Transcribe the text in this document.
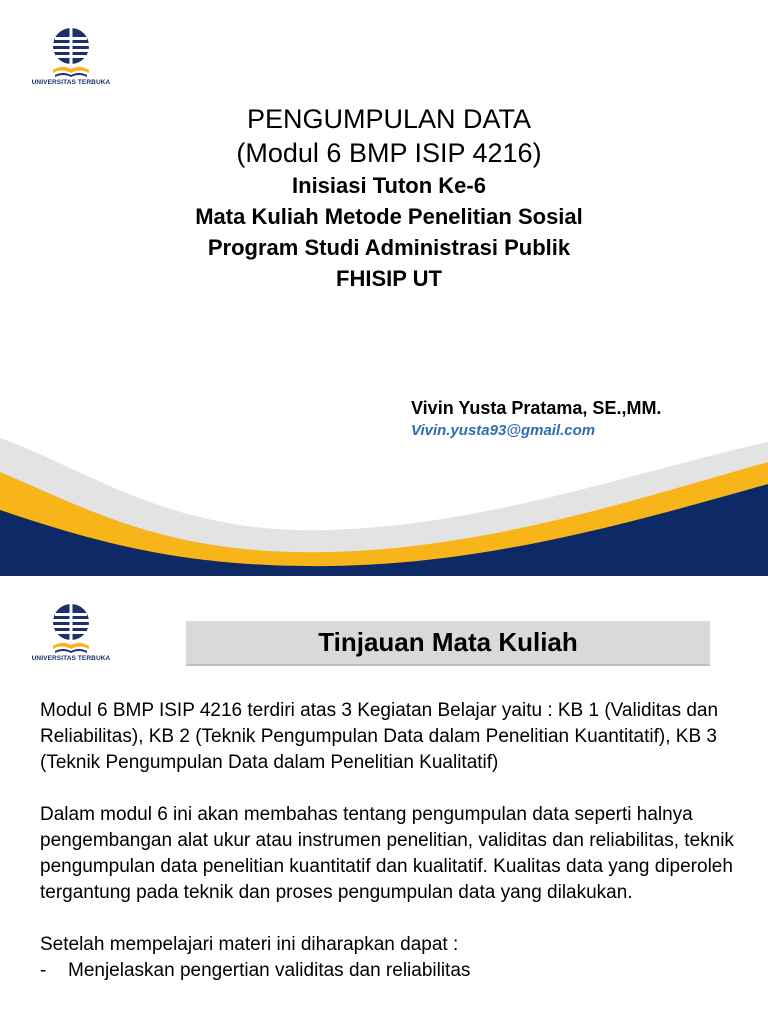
UNIVERSITAS TERBUKA
PENGUMPULAN DATA
(Modul 6 BMP ISIP 4216)
Inisiasi Tuton Ke-6
Mata Kuliah Metode Penelitian Sosial
Program Studi Administrasi Publik
FHISIP UT
Vivin Yusta Pratama, SE.,MM.
Vivin.yusta93@gmail.com
UNIVERSITAS TERBUKA
Tinjauan Mata Kuliah

Modul 6 BMP ISIP 4216 terdiri atas 3 Kegiatan Belajar yaitu : KB 1 (Validitas dan Reliabilitas), KB 2 (Teknik Pengumpulan Data dalam Penelitian Kuantitatif), KB 3 (Teknik Pengumpulan Data dalam Penelitian Kualitatif)

Dalam modul 6 ini akan membahas tentang pengumpulan data seperti halnya pengembangan alat ukur atau instrumen penelitian, validitas dan reliabilitas, teknik pengumpulan data penelitian kuantitatif dan kualitatif. Kualitas data yang diperoleh tergantung pada teknik dan proses pengumpulan data yang dilakukan.

Setelah mempelajari materi ini diharapkan dapat :

-	Menjelaskan pengertian validitas dan reliabilitas
